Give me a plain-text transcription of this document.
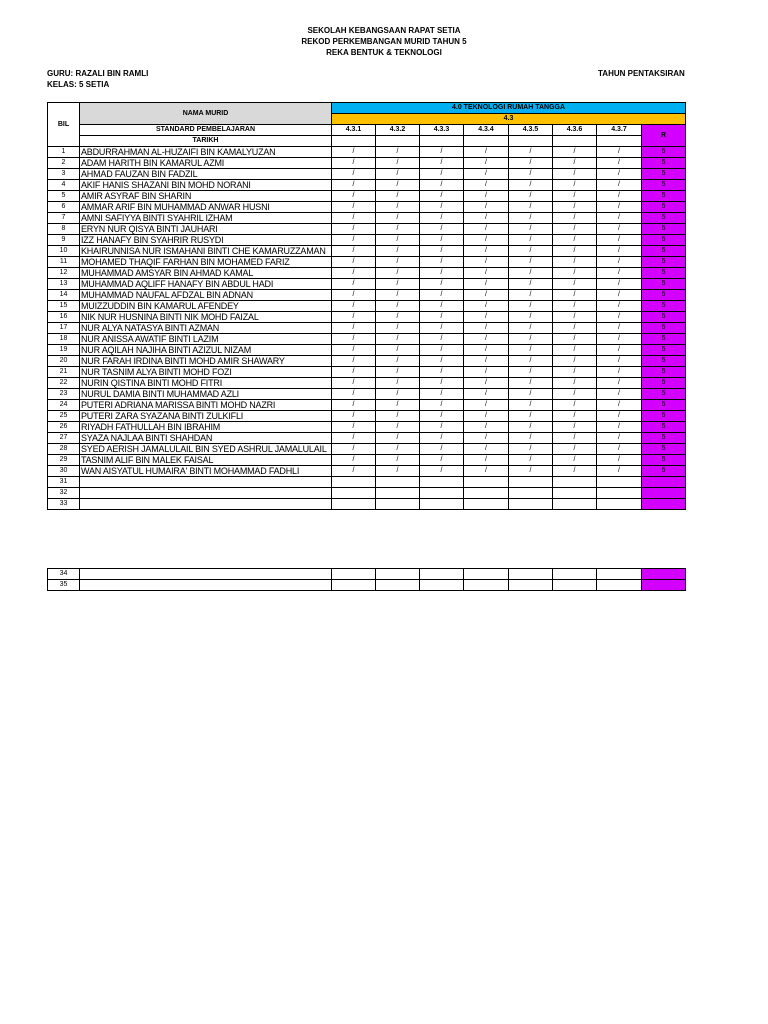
SEKOLAH KEBANGSAAN RAPAT SETIA
REKOD PERKEMBANGAN MURID TAHUN 5
REKA BENTUK & TEKNOLOGI
GURU: RAZALI BIN RAMLI
KELAS: 5 SETIA
TAHUN PENTAKSIRAN
BIL	NAMA MURID	4.0 TEKNOLOGI RUMAH TANGGA							
		4.3							
	STANDARD PEMBELAJARAN	4.3.1	4.3.2	4.3.3	4.3.4	4.3.5	4.3.6	4.3.7	R
	TARIKH								
1	ABDURRAHMAN AL-HUZAIFI BIN KAMALYUZAN	/	/	/	/	/	/	/	5
2	ADAM HARITH BIN KAMARUL AZMI	/	/	/	/	/	/	/	5
3	AHMAD FAUZAN BIN FADZIL	/	/	/	/	/	/	/	5
4	AKIF HANIS SHAZANI BIN MOHD NORANI	/	/	/	/	/	/	/	5
5	AMIR ASYRAF BIN SHARIN	/	/	/	/	/	/	/	5
6	AMMAR ARIF BIN MUHAMMAD ANWAR HUSNI	/	/	/	/	/	/	/	5
7	AMNI SAFIYYA BINTI SYAHRIL IZHAM	/	/	/	/	/	/	/	5
8	ERYN NUR QISYA BINTI JAUHARI	/	/	/	/	/	/	/	5
9	IZZ HANAFY BIN SYAHRIR RUSYDI	/	/	/	/	/	/	/	5
10	KHAIRUNNISA NUR ISMAHANI BINTI CHE KAMARUZZAMAN	/	/	/	/	/	/	/	5
11	MOHAMED THAQIF FARHAN BIN MOHAMED FARIZ	/	/	/	/	/	/	/	5
12	MUHAMMAD AMSYAR BIN AHMAD KAMAL	/	/	/	/	/	/	/	5
13	MUHAMMAD AQLIFF HANAFY BIN ABDUL HADI	/	/	/	/	/	/	/	5
14	MUHAMMAD NAUFAL AFDZAL BIN ADNAN	/	/	/	/	/	/	/	5
15	MUIZZUDDIN BIN KAMARUL AFENDEY	/	/	/	/	/	/	/	5
16	NIK NUR HUSNINA BINTI NIK MOHD FAIZAL	/	/	/	/	/	/	/	5
17	NUR ALYA NATASYA BINTI AZMAN	/	/	/	/	/	/	/	5
18	NUR ANISSA AWATIF BINTI LAZIM	/	/	/	/	/	/	/	5
19	NUR AQILAH NAJIHA BINTI AZIZUL NIZAM	/	/	/	/	/	/	/	5
20	NUR FARAH IRDINA BINTI MOHD AMIR SHAWARY	/	/	/	/	/	/	/	5
21	NUR TASNIM ALYA BINTI MOHD FOZI	/	/	/	/	/	/	/	5
22	NURIN QISTINA BINTI MOHD FITRI	/	/	/	/	/	/	/	5
23	NURUL DAMIA BINTI MUHAMMAD AZLI	/	/	/	/	/	/	/	5
24	PUTERI ADRIANA MARISSA BINTI MOHD NAZRI	/	/	/	/	/	/	/	5
25	PUTERI ZARA SYAZANA BINTI ZULKIFLI	/	/	/	/	/	/	/	5
26	RIYADH FATHULLAH BIN IBRAHIM	/	/	/	/	/	/	/	5
27	SYAZA NAJLAA BINTI SHAHDAN	/	/	/	/	/	/	/	5
28	SYED AERISH JAMALULAIL BIN SYED ASHRUL JAMALULAIL	/	/	/	/	/	/	/	5
29	TASNIM ALIF BIN MALEK FAISAL	/	/	/	/	/	/	/	5
30	WAN AISYATUL HUMAIRA' BINTI MOHAMMAD FADHLI	/	/	/	/	/	/	/	5
31									
32									
33									
34									
35									
